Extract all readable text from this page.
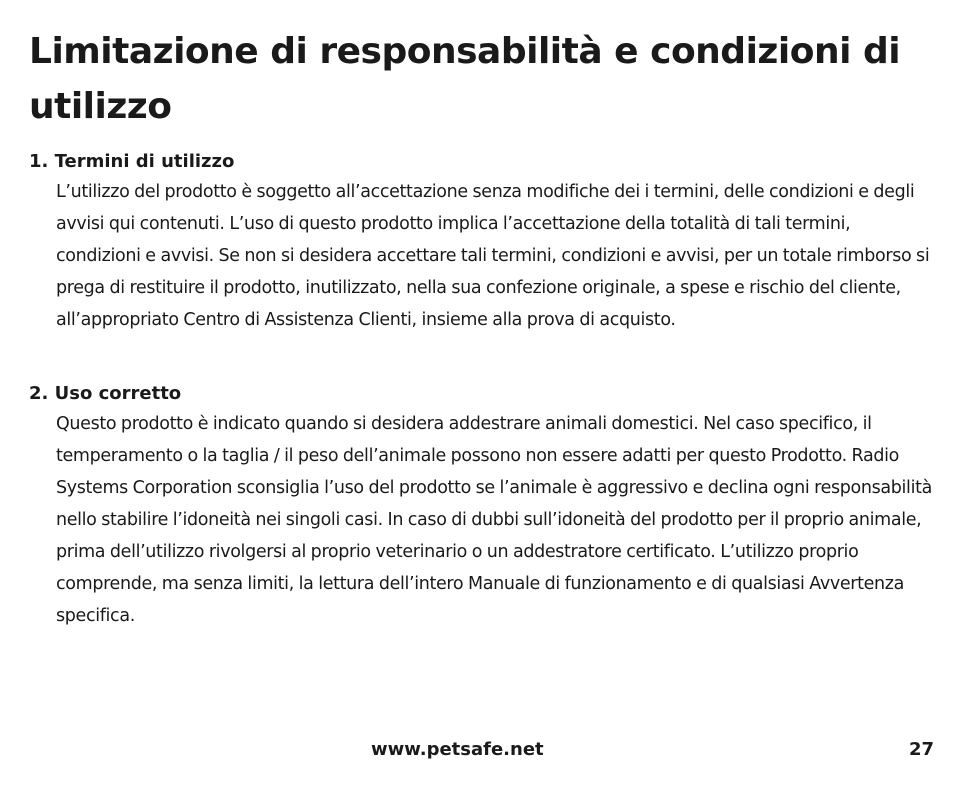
Limitazione di responsabilità e condizioni di utilizzo
1. Termini di utilizzo

L’utilizzo del prodotto è soggetto all’accettazione senza modifiche dei i termini, delle condizioni e degli avvisi qui contenuti. L’uso di questo prodotto implica l’accettazione della totalità di tali termini, condizioni e avvisi. Se non si desidera accettare tali termini, condizioni e avvisi, per un totale rimborso si prega di restituire il prodotto, inutilizzato, nella sua confezione originale, a spese e rischio del cliente, all’appropriato Centro di Assistenza Clienti, insieme alla prova di acquisto.

2. Uso corretto

Questo prodotto è indicato quando si desidera addestrare animali domestici. Nel caso specifico, il temperamento o la taglia / il peso dell’animale possono non essere adatti per questo Prodotto. Radio Systems Corporation sconsiglia l’uso del prodotto se l’animale è aggressivo e declina ogni responsabilità nello stabilire l’idoneità nei singoli casi. In caso di dubbi sull’idoneità del prodotto per il proprio animale, prima dell’utilizzo rivolgersi al proprio veterinario o un addestratore certificato. L’utilizzo proprio comprende, ma senza limiti, la lettura dell’intero Manuale di funzionamento e di qualsiasi Avvertenza specifica.

www.petsafe.net	27
